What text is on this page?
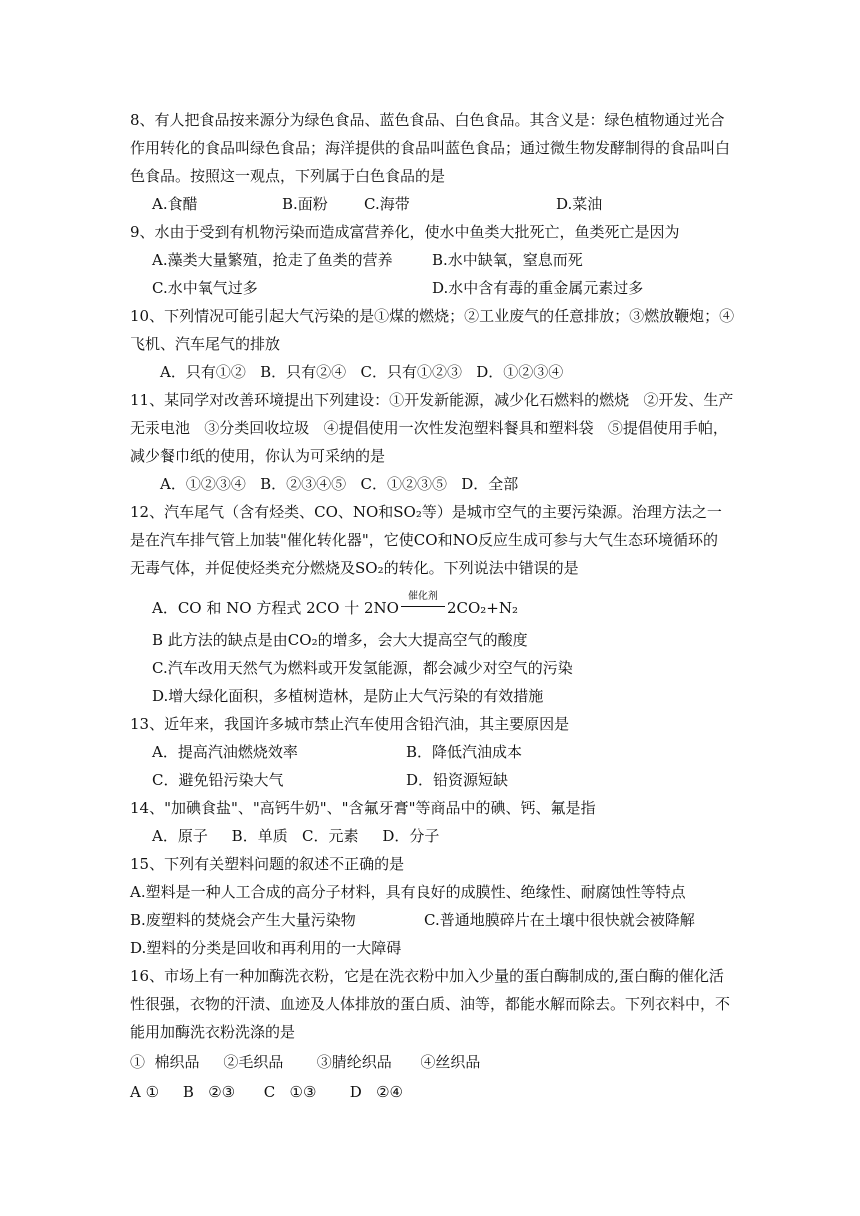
8、有人把食品按来源分为绿色食品、蓝色食品、白色食品。其含义是：绿色植物通过光合
作用转化的食品叫绿色食品；海洋提供的食品叫蓝色食品；通过微生物发酵制得的食品叫白
色食品。按照这一观点，下列属于白色食品的是
A.食醋	B.面粉 C.海带	D.菜油
9、水由于受到有机物污染而造成富营养化，使水中鱼类大批死亡，鱼类死亡是因为
A.藻类大量繁殖，抢走了鱼类的营养	B.水中缺氧，窒息而死
C.水中氧气过多	D.水中含有毒的重金属元素过多
10、下列情况可能引起大气污染的是①煤的燃烧；②工业废气的任意排放；③燃放鞭炮；④
飞机、汽车尾气的排放
A．只有①②   B．只有②④   C．只有①②③   D．①②③④
11、某同学对改善环境提出下列建设：①开发新能源，减少化石燃料的燃烧   ②开发、生产
无汞电池   ③分类回收垃圾   ④提倡使用一次性发泡塑料餐具和塑料袋   ⑤提倡使用手帕，
减少餐巾纸的使用，你认为可采纳的是
A．①②③④   B．②③④⑤   C．①②③⑤   D．全部
12、汽车尾气（含有烃类、CO、NO和SO₂等）是城市空气的主要污染源。治理方法之一
是在汽车排气管上加装"催化转化器"，它使CO和NO反应生成可参与大气生态环境循环的
无毒气体，并促使烃类充分燃烧及SO₂的转化。下列说法中错误的是
A．CO 和 NO 方程式 2CO 十 2NO
催化剂
2CO₂+N₂
B 此方法的缺点是由CO₂的增多，会大大提高空气的酸度
C.汽车改用天然气为燃料或开发氢能源，都会减少对空气的污染
D.增大绿化面积，多植树造林，是防止大气污染的有效措施
13、近年来，我国许多城市禁止汽车使用含铅汽油，其主要原因是
A．提高汽油燃烧效率	B．降低汽油成本
C．避免铅污染大气	D．铅资源短缺
14、"加碘食盐"、"高钙牛奶"、"含氟牙膏"等商品中的碘、钙、氟是指
A．原子     B．单质   C．元素     D．分子
15、下列有关塑料问题的叙述不正确的是
A.塑料是一种人工合成的高分子材料，具有良好的成膜性、绝缘性、耐腐蚀性等特点
B.废塑料的焚烧会产生大量污染物	C.普通地膜碎片在土壤中很快就会被降解
D.塑料的分类是回收和再利用的一大障碍
16、市场上有一种加酶洗衣粉，它是在洗衣粉中加入少量的蛋白酶制成的,蛋白酶的催化活
性很强，衣物的汗渍、血迹及人体排放的蛋白质、油等，都能水解而除去。下列衣料中，不
能用加酶洗衣粉洗涤的是
①  棉织品     ②毛织品       ③腈纶织品      ④丝织品
A ①     B   ②③      C   ①③       D   ②④
